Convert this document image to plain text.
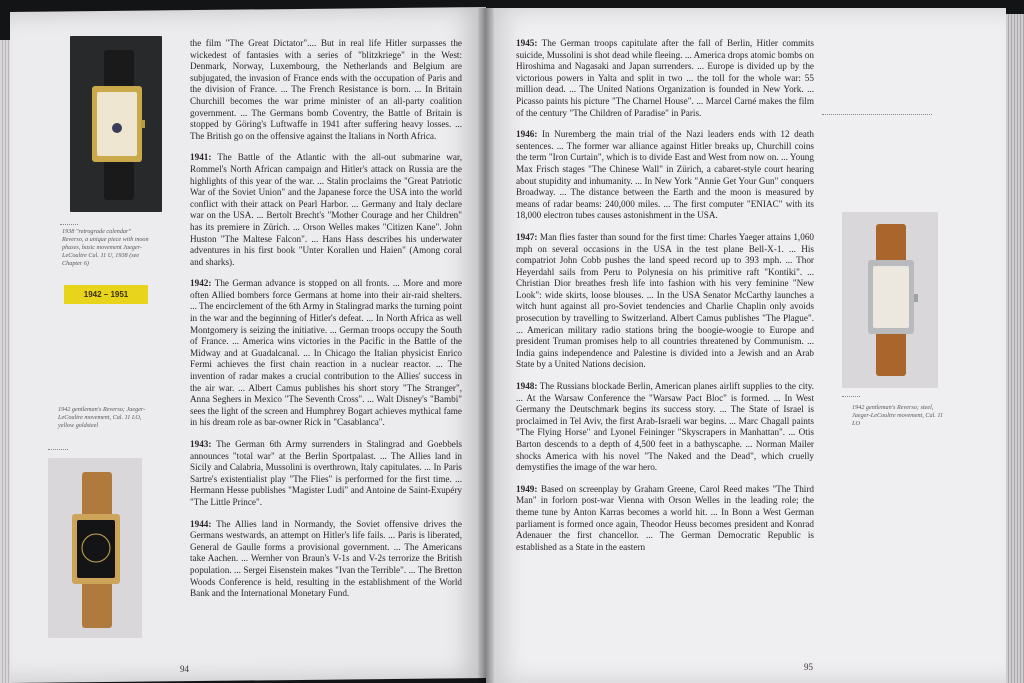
1938 "retrograde calendar" Reverso, a unique piece with moon phases, basic movement Jaeger-LeCoultre Cal. 11 U, 1938 (see Chapter 6)
1942 – 1951
1942 gentleman's Reverso; Jaeger-LeCoultre movement, Cal. 11 LO, yellow goldsteel

the film "The Great Dictator".... But in real life Hitler surpasses the wickedest of fantasies with a series of "blitzkriege" in the West: Denmark, Norway, Luxembourg, the Netherlands and Belgium are subjugated, the invasion of France ends with the occupation of Paris and the division of France. ... The French Resistance is born. ... In Britain Churchill becomes the war prime minister of an all-party coalition government. ... The Germans bomb Coventry, the Battle of Britain is stopped by Göring's Luftwaffe in 1941 after suffering heavy losses. ... The British go on the offensive against the Italians in North Africa.

1941: The Battle of the Atlantic with the all-out submarine war, Rommel's North African campaign and Hitler's attack on Russia are the highlights of this year of the war. ... Stalin proclaims the "Great Patriotic War of the Soviet Union" and the Japanese force the USA into the world conflict with their attack on Pearl Harbor. ... Germany and Italy declare war on the USA. ... Bertolt Brecht's "Mother Courage and her Children" has its premiere in Zürich. ... Orson Welles makes "Citizen Kane". John Huston "The Maltese Falcon". ... Hans Hass describes his underwater adventures in his first book "Unter Korallen und Haien" (Among coral and sharks).

1942: The German advance is stopped on all fronts. ... More and more often Allied bombers force Germans at home into their air-raid shelters. ... The encirclement of the 6th Army in Stalingrad marks the turning point in the war and the beginning of Hitler's defeat. ... In North Africa as well Montgomery is seizing the initiative. ... German troops occupy the South of France. ... America wins victories in the Pacific in the Battle of the Midway and at Guadalcanal. ... In Chicago the Italian physicist Enrico Fermi achieves the first chain reaction in a nuclear reactor. ... The invention of radar makes a crucial contribution to the Allies' success in the air war. ... Albert Camus publishes his short story "The Stranger", Anna Seghers in Mexico "The Seventh Cross". ... Walt Disney's "Bambi" sees the light of the screen and Humphrey Bogart achieves mythical fame in his dream role as bar-owner Rick in "Casablanca".

1943: The German 6th Army surrenders in Stalingrad and Goebbels announces "total war" at the Berlin Sportpalast. ... The Allies land in Sicily and Calabria, Mussolini is overthrown, Italy capitulates. ... In Paris Sartre's existentialist play "The Flies" is performed for the first time. ... Hermann Hesse publishes "Magister Ludi" and Antoine de Saint-Exupéry "The Little Prince".

1944: The Allies land in Normandy, the Soviet offensive drives the Germans westwards, an attempt on Hitler's life fails. ... Paris is liberated, General de Gaulle forms a provisional government. ... The Americans take Aachen. ... Wernher von Braun's V-1s and V-2s terrorize the British population. ... Sergei Eisenstein makes "Ivan the Terrible". ... The Bretton Woods Conference is held, resulting in the establishment of the World Bank and the International Monetary Fund.

94

1945: The German troops capitulate after the fall of Berlin, Hitler commits suicide, Mussolini is shot dead while fleeing. ... America drops atomic bombs on Hiroshima and Nagasaki and Japan surrenders. ... Europe is divided up by the victorious powers in Yalta and split in two ... the toll for the whole war: 55 million dead. ... The United Nations Organization is founded in New York. ... Picasso paints his picture "The Charnel House". ... Marcel Carné makes the film of the century "The Children of Paradise" in Paris.

1946: In Nuremberg the main trial of the Nazi leaders ends with 12 death sentences. ... The former war alliance against Hitler breaks up, Churchill coins the term "Iron Curtain", which is to divide East and West from now on. ... Young Max Frisch stages "The Chinese Wall" in Zürich, a cabaret-style court hearing about stupidity and inhumanity. ... In New York "Annie Get Your Gun" conquers Broadway. ... The distance between the Earth and the moon is measured by means of radar beams: 240,000 miles. ... The first computer "ENIAC" with its 18,000 electron tubes causes astonishment in the USA.

1947: Man flies faster than sound for the first time: Charles Yaeger attains 1,060 mph on several occasions in the USA in the test plane Bell-X-1. ... His compatriot John Cobb pushes the land speed record up to 393 mph. ... Thor Heyerdahl sails from Peru to Polynesia on his primitive raft "Kontiki". ... Christian Dior breathes fresh life into fashion with his very feminine "New Look": wide skirts, loose blouses. ... In the USA Senator McCarthy launches a witch hunt against all pro-Soviet tendencies and Charlie Chaplin only avoids prosecution by travelling to Switzerland. Albert Camus publishes "The Plague". ... American military radio stations bring the boogie-woogie to Europe and president Truman promises help to all countries threatened by Communism. ... India gains independence and Palestine is divided into a Jewish and an Arab State by a United Nations decision.

1948: The Russians blockade Berlin, American planes airlift supplies to the city. ... At the Warsaw Conference the "Warsaw Pact Bloc" is formed. ... In West Germany the Deutschmark begins its success story. ... The State of Israel is proclaimed in Tel Aviv, the first Arab-Israeli war begins. ... Marc Chagall paints "The Flying Horse" and Lyonel Feininger "Skyscrapers in Manhattan". ... Otis Barton descends to a depth of 4,500 feet in a bathyscaphe. ... Norman Mailer shocks America with his novel "The Naked and the Dead", which cruelly demystifies the image of the war hero.

1949: Based on screenplay by Graham Greene, Carol Reed makes "The Third Man" in forlorn post-war Vienna with Orson Welles in the leading role; the theme tune by Anton Karras becomes a world hit. ... In Bonn a West German parliament is formed once again, Theodor Heuss becomes president and Konrad Adenauer the first chancellor. ... The German Democratic Republic is established as a State in the eastern

1942 gentleman's Reverso; steel, Jaeger-LeCoultre movement, Cal. 11 LO
95
